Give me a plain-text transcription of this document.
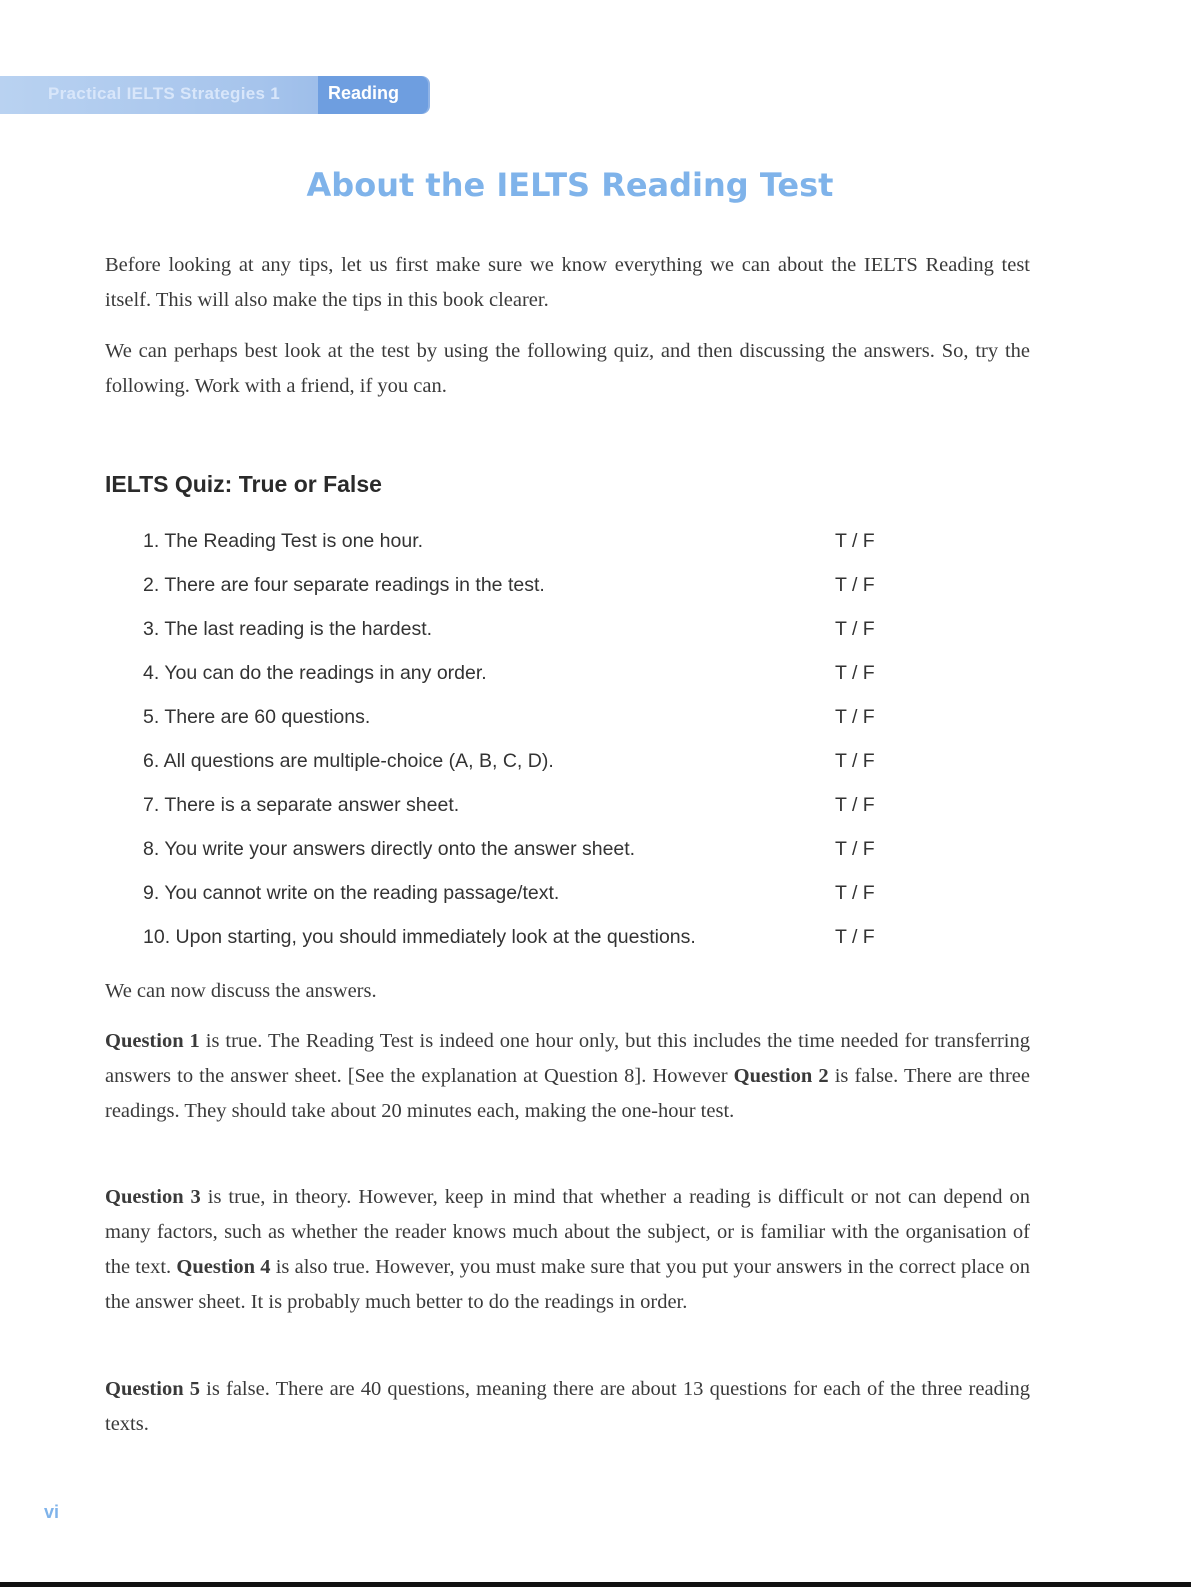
Practical IELTS Strategies 1	Reading
About the IELTS Reading Test
Before looking at any tips, let us first make sure we know everything we can about the IELTS Reading test itself. This will also make the tips in this book clearer.
We can perhaps best look at the test by using the following quiz, and then discussing the answers. So, try the following. Work with a friend, if you can.
IELTS Quiz: True or False
1. The Reading Test is one hour.	T / F
2. There are four separate readings in the test.	T / F
3. The last reading is the hardest.	T / F
4. You can do the readings in any order.	T / F
5. There are 60 questions.	T / F
6. All questions are multiple-choice (A, B, C, D).	T / F
7. There is a separate answer sheet.	T / F
8. You write your answers directly onto the answer sheet.	T / F
9. You cannot write on the reading passage/text.	T / F
10. Upon starting, you should immediately look at the questions.	T / F
We can now discuss the answers.
Question 1 is true. The Reading Test is indeed one hour only, but this includes the time needed for transferring answers to the answer sheet. [See the explanation at Question 8]. However Question 2 is false. There are three readings. They should take about 20 minutes each, making the one-hour test.
Question 3 is true, in theory. However, keep in mind that whether a reading is difficult or not can depend on many factors, such as whether the reader knows much about the subject, or is familiar with the organisation of the text. Question 4 is also true. However, you must make sure that you put your answers in the correct place on the answer sheet. It is probably much better to do the readings in order.
Question 5 is false. There are 40 questions, meaning there are about 13 questions for each of the three reading texts.
vi
